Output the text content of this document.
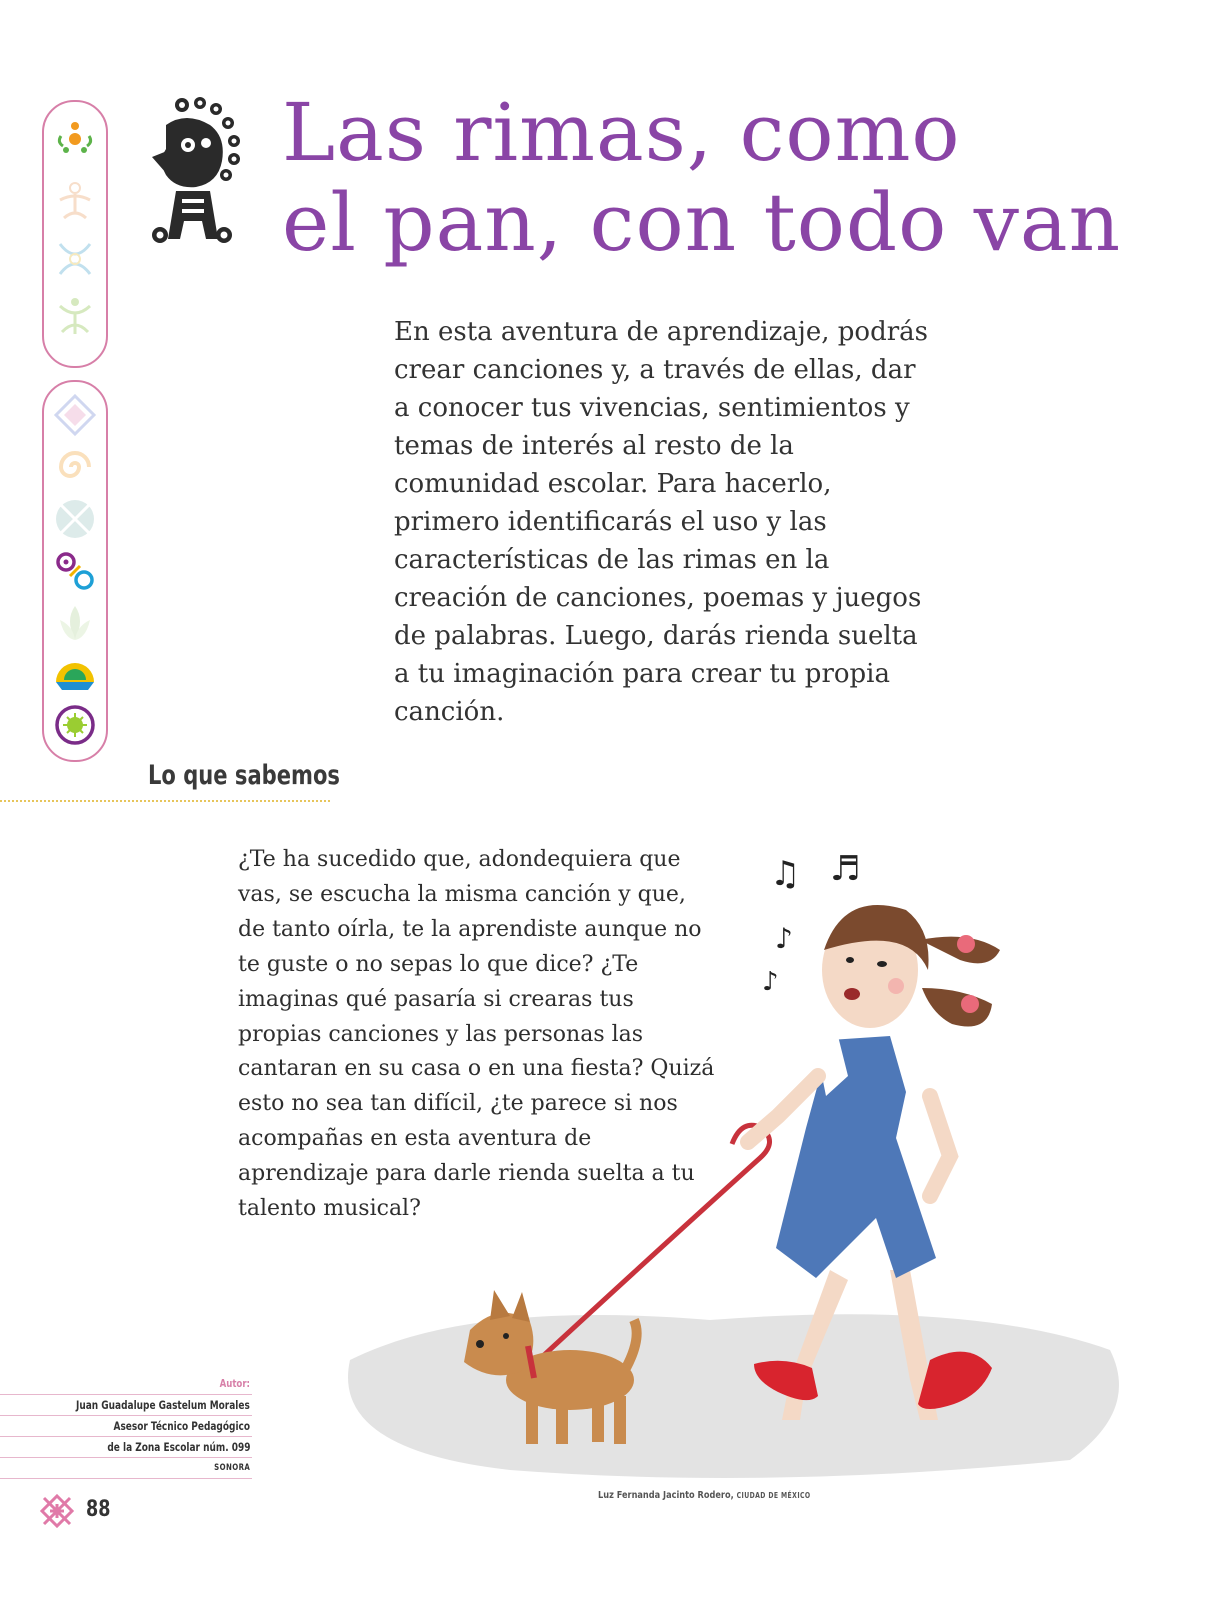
Las rimas, como
el pan, con todo van

En esta aventura de aprendizaje, podrás crear canciones y, a través de ellas, dar a conocer tus vivencias, sentimientos y temas de interés al resto de la comunidad escolar. Para hacerlo, primero identificarás el uso y las características de las rimas en la creación de canciones, poemas y juegos de palabras. Luego, darás rienda suelta a tu imaginación para crear tu propia canción.

Lo que sabemos

¿Te ha sucedido que, adondequiera que vas, se escucha la misma canción y que, de tanto oírla, te la aprendiste aunque no te guste o no sepas lo que dice? ¿Te imaginas qué pasaría si crearas tus propias canciones y las personas las cantaran en su casa o en una fiesta? Quizá esto no sea tan difícil, ¿te parece si nos acompañas en esta aventura de aprendizaje para darle rienda suelta a tu talento musical?

♫ ♬
♪
♪
Luz Fernanda Jacinto Rodero, CIUDAD DE MÉXICO
Autor:
Juan Guadalupe Gastelum Morales
Asesor Técnico Pedagógico
de la Zona Escolar núm. 099
SONORA
88
